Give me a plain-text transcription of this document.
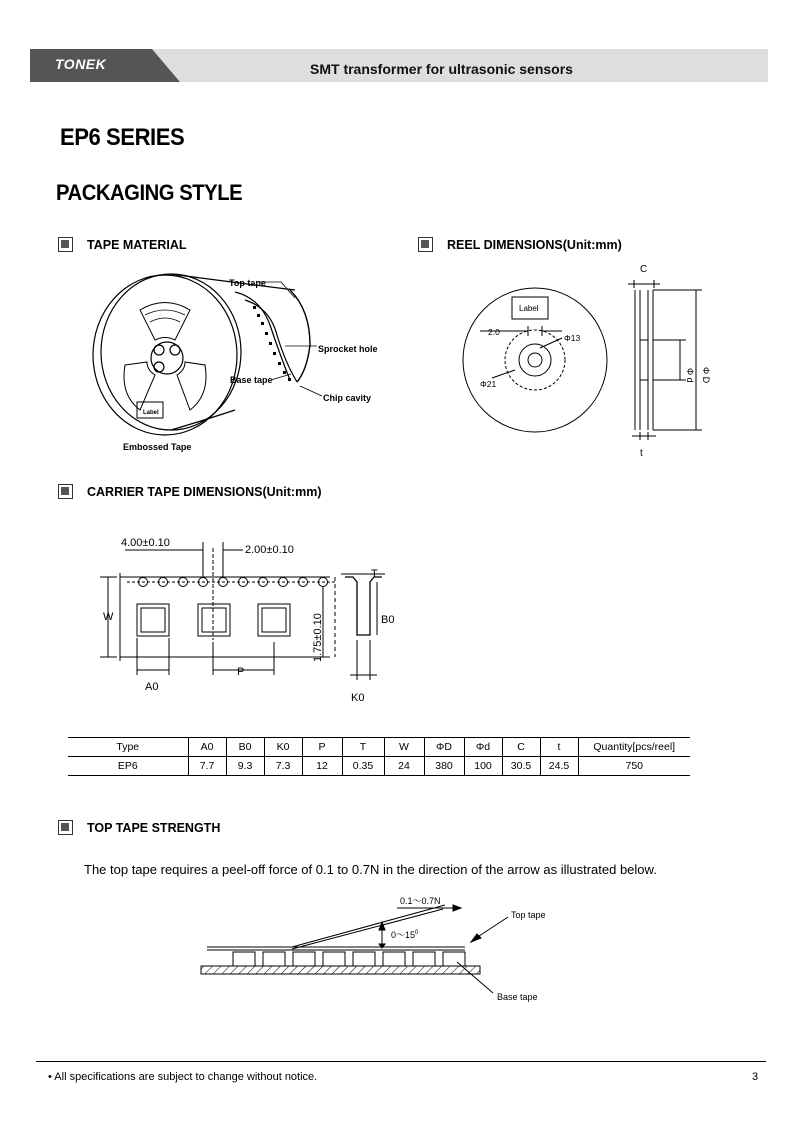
TONEK	SMT transformer for ultrasonic sensors
EP6 SERIES
PACKAGING STYLE
TAPE MATERIAL	REEL DIMENSIONS(Unit:mm)
CARRIER TAPE DIMENSIONS(Unit:mm)
TOP TAPE STRENGTH
Top tape
Sprocket hole
Base tape
Chip cavity
Label
Embossed Tape
Label
2.0
Φ13
Φ21
C
t
Φ d Φ D
4.00±0.10
2.00±0.10
T
W	B0
1.75±0.10
P
A0
K0
Type	A0	B0	K0	P	T	W	ΦD	Φd	C	t	Quantity[pcs/reel]
EP6	7.7	9.3	7.3	12	0.35	24	380	100	30.5	24.5	750
The top tape requires a peel-off force of 0.1 to 0.7N in the direction of the arrow as illustrated below.
0.1～0.7N
$0\sim 15^0$
Top tape
Base tape
• All specifications are subject to change without notice.	3
